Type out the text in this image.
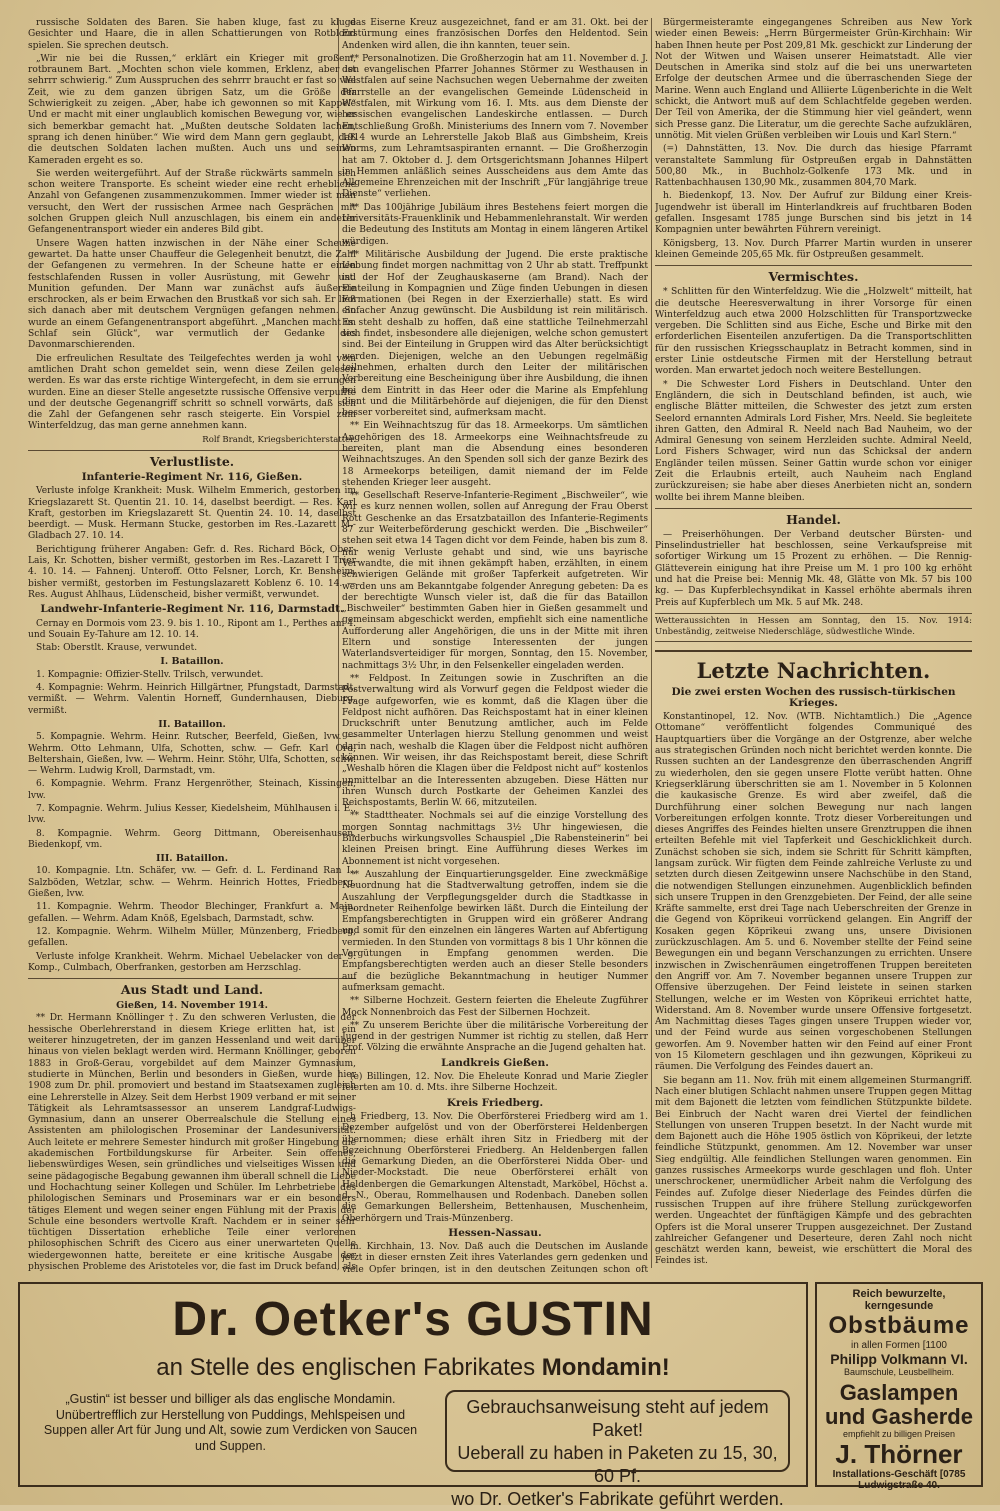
russische Soldaten des Baren. Sie haben kluge, fast zu kluge Gesichter und Haare, die in allen Schattierungen von Rotblond spielen. Sie sprechen deutsch.

„Wir nie bei die Russen,“ erklärt ein Krieger mit großem, rotbraunem Bart. „Mochten schon viele kommen, Erklenz, aber ist sehrrr schwierig.“ Zum Ausspruchen des sehrrr braucht er fast so viel Zeit, wie zu dem ganzen übrigen Satz, um die Größe der Schwierigkeit zu zeigen. „Aber, habe ich gewonnen so mit Kappe!“ Und er macht mit einer unglaublich komischen Bewegung vor, wie er sich bemerkbar gemacht hat. „Mußten deutsche Soldaten lachen, sprang ich denen hinüber.“ Wie wird dem Mann gern geglaubt, daß die deutschen Soldaten lachen mußten. Auch uns und seinen Kameraden ergeht es so.

Sie werden weitergeführt. Auf der Straße rückwärts sammeln sich schon weitere Transporte. Es scheint wieder eine recht erhebliche Anzahl von Gefangenen zusammenzukommen. Immer wieder ist man versucht, den Wert der russischen Armee nach Gesprächen mit solchen Gruppen gleich Null anzuschlagen, bis einem ein anderer Gefangenentransport wieder ein anderes Bild gibt.

Unsere Wagen hatten inzwischen in der Nähe einer Scheune gewartet. Da hatte unser Chauffeur die Gelegenheit benutzt, die Zahl der Gefangenen zu vermehren. In der Scheune hatte er einen festschlafenden Russen in voller Ausrüstung, mit Gewehr und Munition gefunden. Der Mann war zunächst aufs äußerste erschrocken, als er beim Erwachen den Brustkaß vor sich sah. Er ließ sich danach aber mit deutschem Vergnügen gefangen nehmen. So wurde an einem Gefangenentransport abgeführt. „Manchen macht im Schlaf sein Glück“, war vermutlich der Gedanke des Davonmarschierenden.

Die erfreulichen Resultate des Teilgefechtes werden ja wohl vom amtlichen Draht schon gemeldet sein, wenn diese Zeilen gelesen werden. Es war das erste richtige Wintergefecht, in dem sie errungen wurden. Eine an dieser Stelle angesetzte russische Offensive verpuffte und der deutsche Gegenangriff schritt so schnell vorwärts, daß sich die Zahl der Gefangenen sehr rasch steigerte. Ein Vorspiel zum Winterfeldzug, das man gerne annehmen kann.

Rolf Brandt, Kriegsberichterstatter.
Verlustliste.
Infanterie-Regiment Nr. 116, Gießen.

Verluste infolge Krankheit: Musk. Wilhelm Emmerich, gestorben im Kriegslazarett St. Quentin 21. 10. 14, daselbst beerdigt. — Res. Karl Kraft, gestorben im Kriegslazarett St. Quentin 24. 10. 14, daselbst beerdigt. — Musk. Hermann Stucke, gestorben im Res.-Lazarett M.-Gladbach 27. 10. 14.

Berichtigung früherer Angaben: Gefr. d. Res. Richard Böck, Ober-Lais, Kr. Schotten, bisher vermißt, gestorben im Res.-Lazarett I Trier 4. 10. 14. — Fahnenj. Unteroff. Otto Felsner, Lorch, Kr. Bensheim, bisher vermißt, gestorben im Festungslazarett Koblenz 6. 10. 14. — Res. August Ahlhaus, Lüdenscheid, bisher vermißt, verwundet.

Landwehr-Infanterie-Regiment Nr. 116, Darmstadt.

Cernay en Dormois vom 23. 9. bis 1. 10., Ripont am 1., Perthes am 4. und Souain Ey-Tahure am 12. 10. 14.

Stab: Oberstlt. Krause, verwundet.

I. Bataillon.

1. Kompagnie: Offizier-Stellv. Trilsch, verwundet.

4. Kompagnie: Wehrm. Heinrich Hillgärtner, Pfungstadt, Darmstadt, vermißt. — Wehrm. Valentin Horneff, Gundernhausen, Dieburg, vermißt.

II. Bataillon.

5. Kompagnie. Wehrm. Heinr. Rutscher, Beerfeld, Gießen, lvw. — Wehrm. Otto Lehmann, Ulfa, Schotten, schw. — Gefr. Karl Ord, Beltershain, Gießen, lvw. — Wehrm. Heinr. Stöhr, Ulfa, Schotten, schw. — Wehrm. Ludwig Kroll, Darmstadt, vm.

6. Kompagnie. Wehrm. Franz Hergenröther, Steinach, Kissingen, lvw.

7. Kompagnie. Wehrm. Julius Kesser, Kiedelsheim, Mühlhausen i. E., lvw.

8. Kompagnie. Wehrm. Georg Dittmann, Obereisenhausen, Biedenkopf, vm.

III. Bataillon.

10. Kompagnie. Ltn. Schäfer, vw. — Gefr. d. L. Ferdinand Ran I., Salzböden, Wetzlar, schw. — Wehrm. Heinrich Hottes, Friedberg, Gießen, lvw.

11. Kompagnie. Wehrm. Theodor Blechinger, Frankfurt a. Main, gefallen. — Wehrm. Adam Knöß, Egelsbach, Darmstadt, schw.

12. Kompagnie. Wehrm. Wilhelm Müller, Münzenberg, Friedberg, gefallen.

Verluste infolge Krankheit. Wehrm. Michael Uebelacker von der 9. Komp., Culmbach, Oberfranken, gestorben am Herzschlag.

Aus Stadt und Land.
Gießen, 14. November 1914.

** Dr. Hermann Knöllinger †. Zu den schweren Verlusten, die der hessische Oberlehrerstand in diesem Kriege erlitten hat, ist ein weiterer hinzugetreten, der im ganzen Hessenland und weit darüber hinaus von vielen beklagt werden wird. Hermann Knöllinger, geboren 1883 in Groß-Gerau, vorgebildet auf dem Mainzer Gymnasium, studierte in München, Berlin und besonders in Gießen, wurde hier 1908 zum Dr. phil. promoviert und bestand im Staatsexamen zugleich eine Lehrerstelle in Alzey. Seit dem Herbst 1909 verband er mit seiner Tätigkeit als Lehramtsassessor an unserem Landgraf-Ludwigs-Gymnasium, dann an unserer Oberrealschule die Stellung eines Assistenten am philologischen Proseminar der Landesuniversität. Auch leitete er mehrere Semester hindurch mit großer Hingebung die akademischen Fortbildungskurse für Arbeiter. Sein offenes, liebenswürdiges Wesen, sein gründliches und vielseitiges Wissen und seine pädagogische Begabung gewannen ihm überall schnell die Liebe und Hochachtung seiner Kollegen und Schüler. Im Lehrbetriebe des philologischen Seminars und Proseminars war er ein besonders tätiges Element und wegen seiner engen Fühlung mit der Praxis der Schule eine besonders wertvolle Kraft. Nachdem er in seiner sehr tüchtigen Dissertation erhebliche Teile einer verlorenen philosophischen Schrift des Cicero aus einer unerwarteten Quelle wiedergewonnen hatte, bereitete er eine kritische Ausgabe der physischen Probleme des Aristoteles vor, die fast im Druck befand, als

das Eiserne Kreuz ausgezeichnet, fand er am 31. Okt. bei der Erstürmung eines französischen Dorfes den Heldentod. Sein Andenken wird allen, die ihn kannten, teuer sein.

** Personalnotizen. Die Großherzogin hat am 11. November d. J. den evangelischen Pfarrer Johannes Störmer zu Westhausen in Westfalen auf seine Nachsuchen wegen Uebernahme der zweiten Pfarrstelle an der evangelischen Gemeinde Lüdenscheid in Westfalen, mit Wirkung vom 16. I. Mts. aus dem Dienste der hessischen evangelischen Landeskirche entlassen. — Durch Entschließung Großh. Ministeriums des Innern vom 7. November 1914 wurde an Lehrerstelle Jakob Blaß aus Gimbsheim, Kreis Worms, zum Lehramtsaspiranten ernannt. — Die Großherzogin hat am 7. Oktober d. J. dem Ortsgerichtsmann Johannes Hilpert in Hemmen anläßlich seines Ausscheidens aus dem Amte das Allgemeine Ehrenzeichen mit der Inschrift „Für langjährige treue Dienste“ verliehen.

** Das 100jährige Jubiläum ihres Bestehens feiert morgen die Universitäts-Frauenklinik und Hebammenlehranstalt. Wir werden die Bedeutung des Instituts am Montag in einem längeren Artikel würdigen.

** Militärische Ausbildung der Jugend. Die erste praktische Uebung findet morgen nachmittag von 2 Uhr ab statt. Treffpunkt ist der Hof der Zeughauskaserne (am Brand). Nach der Einteilung in Kompagnien und Züge finden Uebungen in diesen Formationen (bei Regen in der Exerzierhalle) statt. Es wird einfacher Anzug gewünscht. Die Ausbildung ist rein militärisch. Es steht deshalb zu hoffen, daß eine stattliche Teilnehmerzahl sich findet, insbesondere alle diejenigen, welche schon gemustert sind. Bei der Einteilung in Gruppen wird das Alter berücksichtigt werden. Diejenigen, welche an den Uebungen regelmäßig teilnehmen, erhalten durch den Leiter der militärischen Vorbereitung eine Bescheinigung über ihre Ausbildung, die ihnen bei dem Eintritt in das Heer oder die Marine als Empfehlung dient und die Militärbehörde auf diejenigen, die für den Dienst besser vorbereitet sind, aufmerksam macht.

** Ein Weihnachtszug für das 18. Armeekorps. Um sämtlichen Angehörigen des 18. Armeekorps eine Weihnachtsfreude zu bereiten, plant man die Absendung eines besonderen Weihnachtszuges. An den Spenden soll sich der ganze Bezirk des 18 Armeekorps beteiligen, damit niemand der im Felde stehenden Krieger leer ausgeht.

** Gesellschaft Reserve-Infanterie-Regiment „Bischweiler“, wie wir es kurz nennen wollen, sollen auf Anregung der Frau Oberst Rott Geschenke an das Ersatzbataillon des Infanterie-Regiments 87 zur Weiterbeförderung geschickt werden. Die „Bischweiler“ stehen seit etwa 14 Tagen dicht vor dem Feinde, haben bis zum 8. nur wenig Verluste gehabt und sind, wie uns bayrische Verwandte, die mit ihnen gekämpft haben, erzählten, in einem schwierigen Gelände mit großer Tapferkeit aufgetreten. Wir werden uns am Bekanntgabe folgender Anregung gebeten: Da es der berechtigte Wunsch vieler ist, daß die für das Bataillon „Bischweiler“ bestimmten Gaben hier in Gießen gesammelt und gemeinsam abgeschickt werden, empfiehlt sich eine namentliche Aufforderung aller Angehörigen, die uns in der Mitte mit ihren Eltern und sonstige Interessenten der jungen Waterlandsverteidiger für morgen, Sonntag, den 15. November, nachmittags 3½ Uhr, in den Felsenkeller eingeladen werden.

** Feldpost. In Zeitungen sowie in Zuschriften an die Postverwaltung wird als Vorwurf gegen die Feldpost wieder die Frage aufgeworfen, wie es kommt, daß die Klagen über die Feldpost nicht aufhören. Das Reichspostamt hat in einer kleinen Druckschrift unter Benutzung amtlicher, auch im Felde gesammelter Unterlagen hierzu Stellung genommen und weist darin nach, weshalb die Klagen über die Feldpost nicht aufhören können. Wir weisen, ihr das Reichspostamt bereit, diese Schrift „Weshalb hören die Klagen über die Feldpost nicht auf“ kostenlos unmittelbar an die Interessenten abzugeben. Diese Hätten nur ihren Wunsch durch Postkarte der Geheimen Kanzlei des Reichspostamts, Berlin W. 66, mitzuteilen.

** Stadttheater. Nochmals sei auf die einzige Vorstellung des morgen Sonntag nachmittags 3½ Uhr hingewiesen, die Bilderbuchs wirkungsvolles Schauspiel „Die Rabensteinerin“ bei kleinen Preisen bringt. Eine Aufführung dieses Werkes im Abonnement ist nicht vorgesehen.

** Auszahlung der Einquartierungsgelder. Eine zweckmäßige Neuordnung hat die Stadtverwaltung getroffen, indem sie die Auszahlung der Verpflegungsgelder durch die Stadtkasse in geordneter Reihenfolge bewirken läßt. Durch die Einteilung der Empfangsberechtigten in Gruppen wird ein größerer Andrang und somit für den einzelnen ein längeres Warten auf Abfertigung vermieden. In den Stunden von vormittags 8 bis 1 Uhr können die Vergütungen in Empfang genommen werden. Die Empfangsberechtigten werden auch an dieser Stelle besonders auf die bezügliche Bekanntmachung in heutiger Nummer aufmerksam gemacht.

** Silberne Hochzeit. Gestern feierten die Eheleute Zugführer Mock Nonnenbroich das Fest der Silbernen Hochzeit.

** Zu unserem Berichte über die militärische Vorbereitung der Jugend in der gestrigen Nummer ist richtig zu stellen, daß Herr Prof. Völzing die erwähnte Ansprache an die Jugend gehalten hat.

Landkreis Gießen.

(e) Billingen, 12. Nov. Die Eheleute Konrad und Marie Ziegler feierten am 10. d. Mts. ihre Silberne Hochzeit.

Kreis Friedberg.

h Friedberg, 13. Nov. Die Oberförsterei Friedberg wird am 1. Dezember aufgelöst und von der Oberförsterei Heldenbergen übernommen; diese erhält ihren Sitz in Friedberg mit der Bezeichnung Oberförsterei Friedberg. An Heldenbergen fallen die Gemarkung Dieden, an die Oberförsterei Nidda Ober- und Nieder-Mockstadt. Die neue Oberförsterei erhält von Heldenbergen die Gemarkungen Altenstadt, Marköbel, Höchst a. d. N., Oberau, Rommelhausen und Rodenbach. Daneben sollen die Gemarkungen Bellersheim, Bettenhausen, Muschenheim, Oberhörgern und Trais-Münzenberg.

Hessen-Nassau.

m. Kirchhain, 13. Nov. Daß auch die Deutschen im Auslande jetzt in dieser ernsten Zeit ihres Vaterlandes gern gedenken und viele Opfer bringen, ist in den deutschen Zeitungen schon oft

Bürgermeisteramte eingegangenes Schreiben aus New York wieder einen Beweis: „Herrn Bürgermeister Grün-Kirchhain: Wir haben Ihnen heute per Post 209,81 Mk. geschickt zur Linderung der Not der Witwen und Waisen unserer Heimatstadt. Alle vier Deutschen in Amerika sind stolz auf die bei uns unerwarteten Erfolge der deutschen Armee und die überraschenden Siege der Marine. Wenn auch England und Alliierte Lügenberichte in die Welt schickt, die Antwort muß auf dem Schlachtfelde gegeben werden. Der Teil von Amerika, der die Stimmung hier viel geändert, wenn sich Presse ganz. Die Literatur, um die gerechte Sache aufzuklären, unnötig. Mit vielen Grüßen verbleiben wir Louis und Karl Stern.“

(=) Dahnstätten, 13. Nov. Die durch das hiesige Pfarramt veranstaltete Sammlung für Ostpreußen ergab in Dahnstätten 500,80 Mk., in Buchholz-Golkenfe 173 Mk. und in Rattenbachhausen 130,90 Mk., zusammen 804,70 Mark.

h. Biedenkopf, 13. Nov. Der Aufruf zur Bildung einer Kreis-Jugendwehr ist überall im Hinterlandkreis auf fruchtbaren Boden gefallen. Insgesamt 1785 junge Burschen sind bis jetzt in 14 Kompagnien unter bewährten Führern vereinigt.

Königsberg, 13. Nov. Durch Pfarrer Martin wurden in unserer kleinen Gemeinde 205,65 Mk. für Ostpreußen gesammelt.

Vermischtes.

* Schlitten für den Winterfeldzug. Wie die „Holzwelt“ mitteilt, hat die deutsche Heeresverwaltung in ihrer Vorsorge für einen Winterfeldzug auch etwa 2000 Holzschlitten für Transportzwecke vergeben. Die Schlitten sind aus Eiche, Esche und Birke mit den erforderlichen Eisenteilen anzufertigen. Da die Transportschlitten für den russischen Kriegsschauplatz in Betracht kommen, sind in erster Linie ostdeutsche Firmen mit der Herstellung betraut worden. Man erwartet jedoch noch weitere Bestellungen.

* Die Schwester Lord Fishers in Deutschland. Unter den Engländern, die sich in Deutschland befinden, ist auch, wie englische Blätter mitteilen, die Schwester des jetzt zum ersten Seelord ernannten Admirals Lord Fisher, Mrs. Neeld. Sie begleitete ihren Gatten, den Admiral R. Neeld nach Bad Nauheim, wo der Admiral Genesung von seinem Herzleiden suchte. Admiral Neeld, Lord Fishers Schwager, wird nun das Schicksal der andern Engländer teilen müssen. Seiner Gattin wurde schon vor einiger Zeit die Erlaubnis erteilt, auch Nauheim nach England zurückzureisen; sie habe aber dieses Anerbieten nicht an, sondern wollte bei ihrem Manne bleiben.

Handel.

— Preiserhöhungen. Der Verband deutscher Bürsten- und Pinselindustrieller hat beschlossen, seine Verkaufspreise mit sofortiger Wirkung um 15 Prozent zu erhöhen. — Die Rennig-Glätteverein einigung hat ihre Preise um M. 1 pro 100 kg erhöht und hat die Preise bei: Mennig Mk. 48, Glätte von Mk. 57 bis 100 kg. — Das Kupferblechsyndikat in Kassel erhöhte abermals ihren Preis auf Kupferblech um Mk. 5 auf Mk. 248.

Wetteraussichten in Hessen am Sonntag, den 15. Nov. 1914: Unbeständig, zeitweise Niederschläge, südwestliche Winde.
Letzte Nachrichten.
Die zwei ersten Wochen des russisch-türkischen Krieges.

Konstantinopel, 12. Nov. (WTB. Nichtamtlich.) Die „Agence Ottomane“ veröffentlicht folgendes Communiqué des Hauptquartiers über die Vorgänge an der Ostgrenze, aber welche aus strategischen Gründen noch nicht berichtet werden konnte. Die Russen suchten an der Landesgrenze den überraschenden Angriff zu wiederholen, den sie gegen unsere Flotte verübt hatten. Ohne Kriegserklärung überschritten sie am 1. November in 5 Kolonnen die kaukasische Grenze. Es wird aber zweifel, daß die Durchführung einer solchen Bewegung nur nach langen Vorbereitungen erfolgen konnte. Trotz dieser Vorbereitungen und dieses Angriffes des Feindes hielten unsere Grenztruppen die ihnen erteilten Befehle mit viel Tapferkeit und Geschicklichkeit durch. Zunächst schoben sie sich, indem sie Schritt für Schritt kämpften, langsam zurück. Wir fügten dem Feinde zahlreiche Verluste zu und setzten durch diesen Zeitgewinn unsere Nachschübe in den Stand, die notwendigen Stellungen einzunehmen. Augenblicklich befinden sich unsere Truppen in den Grenzgebieten. Der Feind, der alle seine Kräfte sammelte, erst drei Tage nach Ueberschreiten der Grenze in die Gegend von Köprikeui vorrückend gelangen. Ein Angriff der Kosaken gegen Köprikeui zwang uns, unsere Divisionen zurückzuschlagen. Am 5. und 6. November stellte der Feind seine Bewegungen ein und begann Verschanzungen zu errichten. Unsere inzwischen in Zwischenräumen eingetroffenen Truppen bereiteten den Angriff vor. Am 7. November begannen unsere Truppen zur Offensive überzugehen. Der Feind leistete in seinen starken Stellungen, welche er im Westen von Köprikeui errichtet hatte, Widerstand. Am 8. November wurde unsere Offensive fortgesetzt. Am Nachmittag dieses Tages gingen unsere Truppen wieder vor, und der Feind wurde aus seinen vorgeschobenen Stellungen geworfen. Am 9. November hatten wir den Feind auf einer Front von 15 Kilometern geschlagen und ihn gezwungen, Köprikeui zu räumen. Die Verfolgung des Feindes dauert an.

Sie begann am 11. Nov. früh mit einem allgemeinen Sturmangriff. Nach einer blutigen Schlacht nahmen unsere Truppen gegen Mittag mit dem Bajonett die letzten vom feindlichen Stützpunkte bildete. Bei Einbruch der Nacht waren drei Viertel der feindlichen Stellungen von unseren Truppen besetzt. In der Nacht wurde mit dem Bajonett auch die Höhe 1905 östlich von Köprikeui, der letzte feindliche Stützpunkt, genommen. Am 12. November war unser Sieg endgültig. Alle feindlichen Stellungen waren genommen. Ein ganzes russisches Armeekorps wurde geschlagen und floh. Unter unerschrockener, unermüdlicher Arbeit nahm die Verfolgung des Feindes auf. Zufolge dieser Niederlage des Feindes dürfen die russischen Truppen auf ihre frühere Stellung zurückgeworfen werden. Ungeachtet der fünftägigen Kämpfe und des gebrachten Opfers ist die Moral unserer Truppen ausgezeichnet. Der Zustand zahlreicher Gefangener und Deserteure, deren Zahl noch nicht geschätzt werden kann, beweist, wie erschüttert die Moral des Feindes ist.

Dr. Oetker's GUSTIN
an Stelle des englischen Fabrikates Mondamin!
„Gustin“ ist besser und billiger als das englische Mondamin. Unübertrefflich zur Herstellung von Puddings, Mehlspeisen und Suppen aller Art für Jung und Alt, sowie zum Verdicken von Saucen und Suppen.
Gebrauchsanweisung steht auf jedem Paket!
Ueberall zu haben in Paketen zu 15, 30, 60 Pf.
wo Dr. Oetker's Fabrikate geführt werden.
Reich bewurzelte, kerngesunde
Obstbäume
in allen Formen [1100
Philipp Volkmann VI.
Baumschule, Leusbellheim.
Gaslampen und Gasherde
empfiehlt zu billigen Preisen
J. Thörner
Installations-Geschäft [0785
Ludwigstraße 40.
